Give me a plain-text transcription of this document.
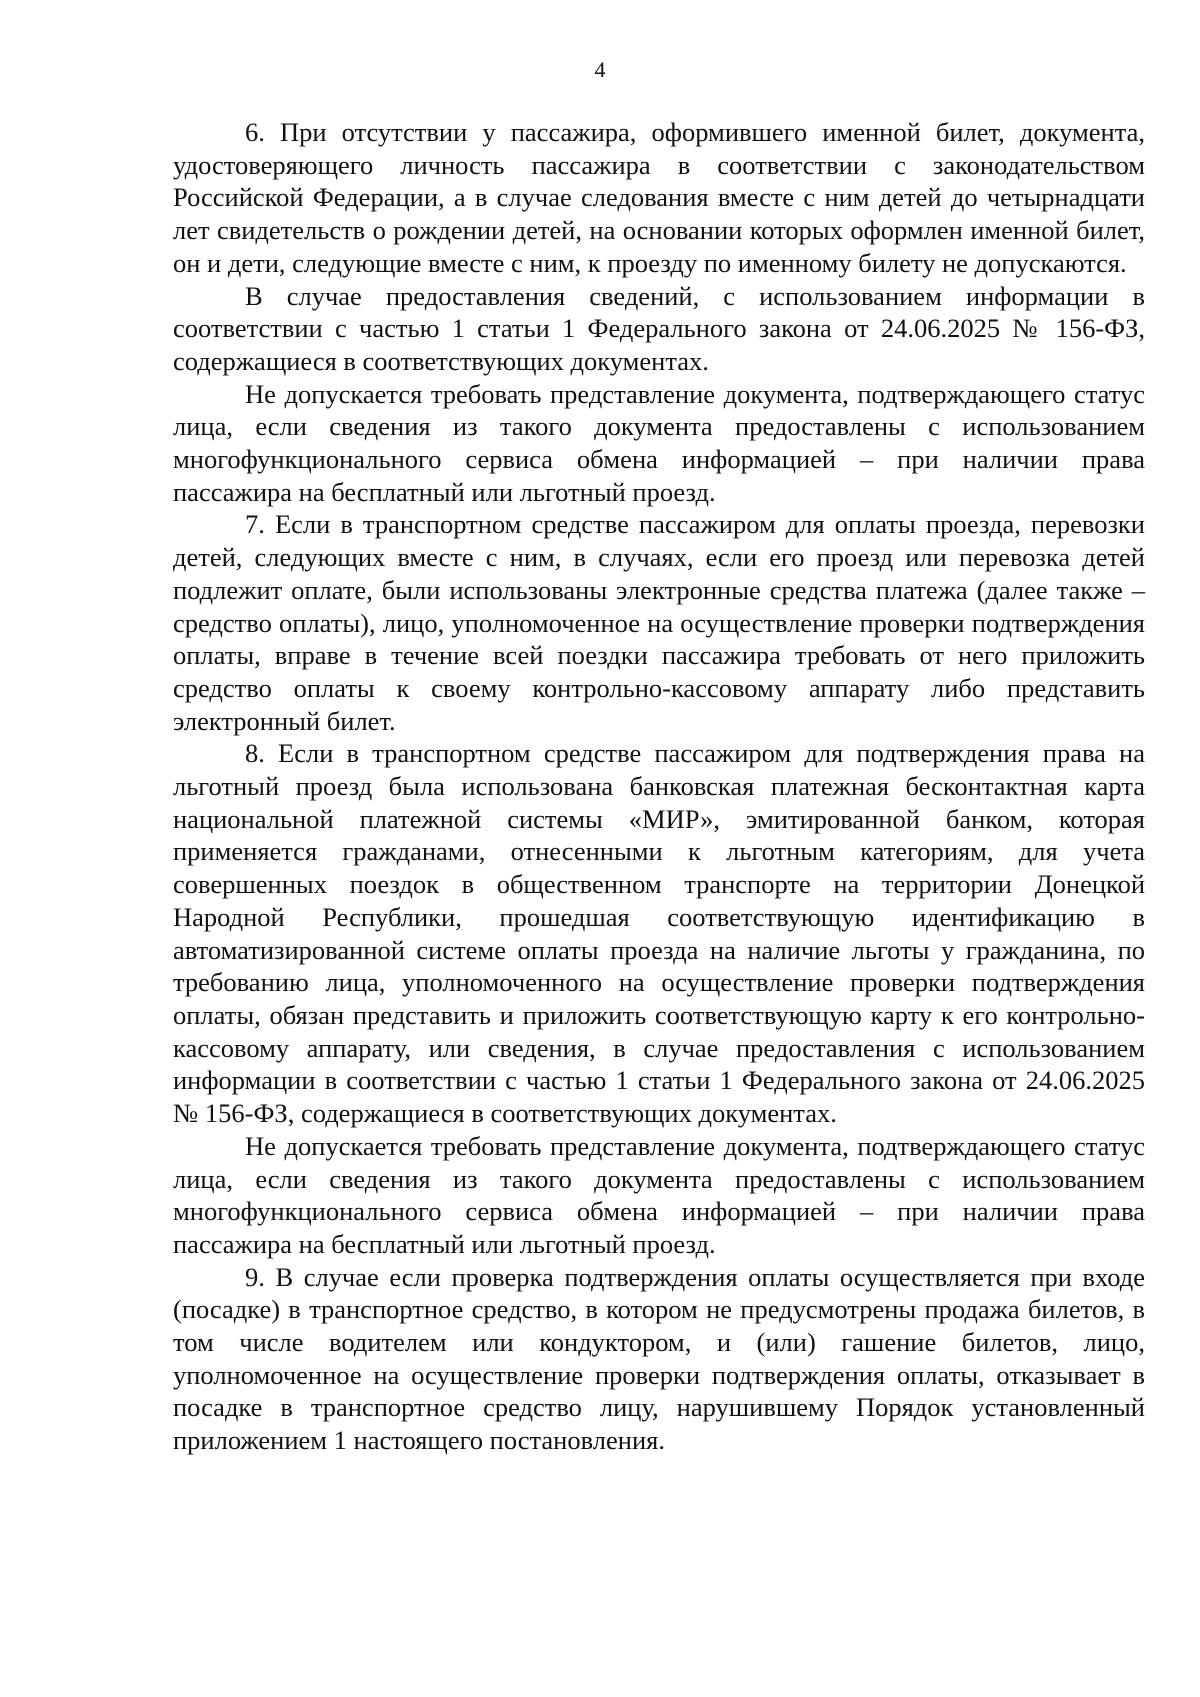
4

6. При отсутствии у пассажира, оформившего именной билет, документа, удостоверяющего личность пассажира в соответствии с законодательством Российской Федерации, а в случае следования вместе с ним детей до четырнадцати лет свидетельств о рождении детей, на основании которых оформлен именной билет, он и дети, следующие вместе с ним, к проезду по именному билету не допускаются.

В случае предоставления сведений, с использованием информации в соответствии с частью 1 статьи 1 Федерального закона от 24.06.2025 № 156-ФЗ, содержащиеся в соответствующих документах.

Не допускается требовать представление документа, подтверждающего статус лица, если сведения из такого документа предоставлены с использованием многофункционального сервиса обмена информацией – при наличии права пассажира на бесплатный или льготный проезд.

7. Если в транспортном средстве пассажиром для оплаты проезда, перевозки детей, следующих вместе с ним, в случаях, если его проезд или перевозка детей подлежит оплате, были использованы электронные средства платежа (далее также – средство оплаты), лицо, уполномоченное на осуществление проверки подтверждения оплаты, вправе в течение всей поездки пассажира требовать от него приложить средство оплаты к своему контрольно-кассовому аппарату либо представить электронный билет.

8. Если в транспортном средстве пассажиром для подтверждения права на льготный проезд была использована банковская платежная бесконтактная карта национальной платежной системы «МИР», эмитированной банком, которая применяется гражданами, отнесенными к льготным категориям, для учета совершенных поездок в общественном транспорте на территории Донецкой Народной Республики, прошедшая соответствующую идентификацию в автоматизированной системе оплаты проезда на наличие льготы у гражданина, по требованию лица, уполномоченного на осуществление проверки подтверждения оплаты, обязан представить и приложить соответствующую карту к его контрольно-кассовому аппарату, или сведения, в случае предоставления с использованием информации в соответствии с частью 1 статьи 1 Федерального закона от 24.06.2025 № 156-ФЗ, содержащиеся в соответствующих документах.

Не допускается требовать представление документа, подтверждающего статус лица, если сведения из такого документа предоставлены с использованием многофункционального сервиса обмена информацией – при наличии права пассажира на бесплатный или льготный проезд.

9. В случае если проверка подтверждения оплаты осуществляется при входе (посадке) в транспортное средство, в котором не предусмотрены продажа билетов, в том числе водителем или кондуктором, и (или) гашение билетов, лицо, уполномоченное на осуществление проверки подтверждения оплаты, отказывает в посадке в транспортное средство лицу, нарушившему Порядок установленный приложением 1 настоящего постановления.
